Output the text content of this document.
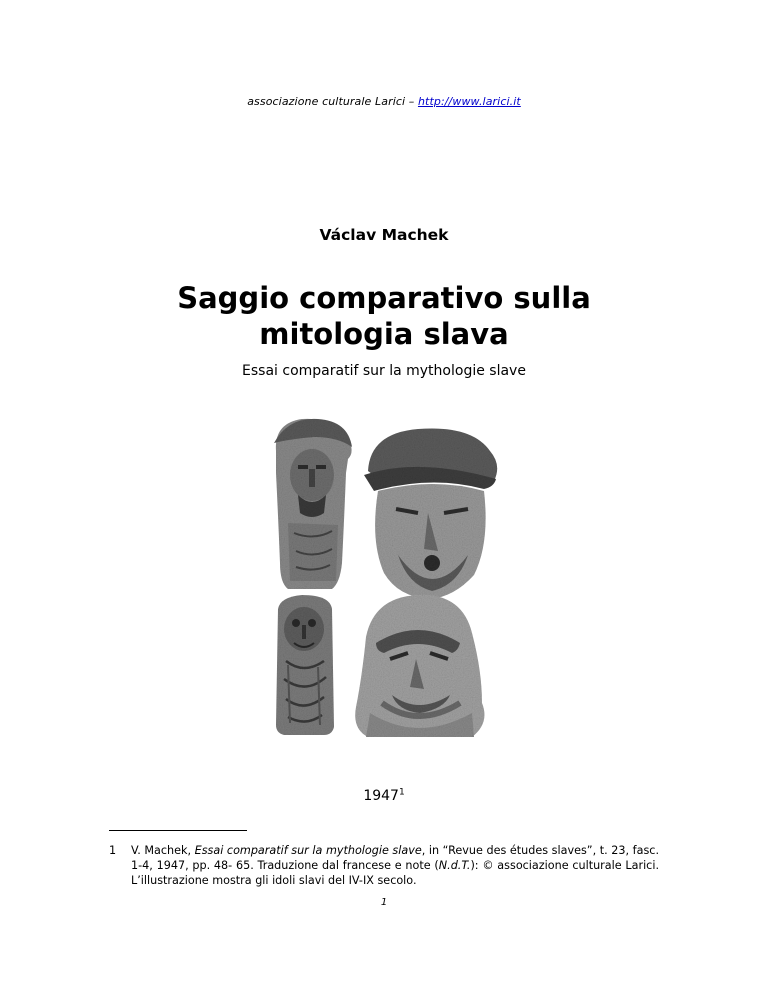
associazione culturale Larici – http://www.larici.it
Václav Machek
Saggio comparativo sulla
mitologia slava
Essai comparatif sur la mythologie slave
1947$^1$
1 V. Machek, Essai comparatif sur la mythologie slave, in “Revue des études slaves”, t. 23, fasc. 1-4, 1947, pp. 48- 65. Traduzione dal francese e note (N.d.T.): © associazione culturale Larici. L’illustrazione mostra gli idoli slavi del IV-IX secolo.
1
